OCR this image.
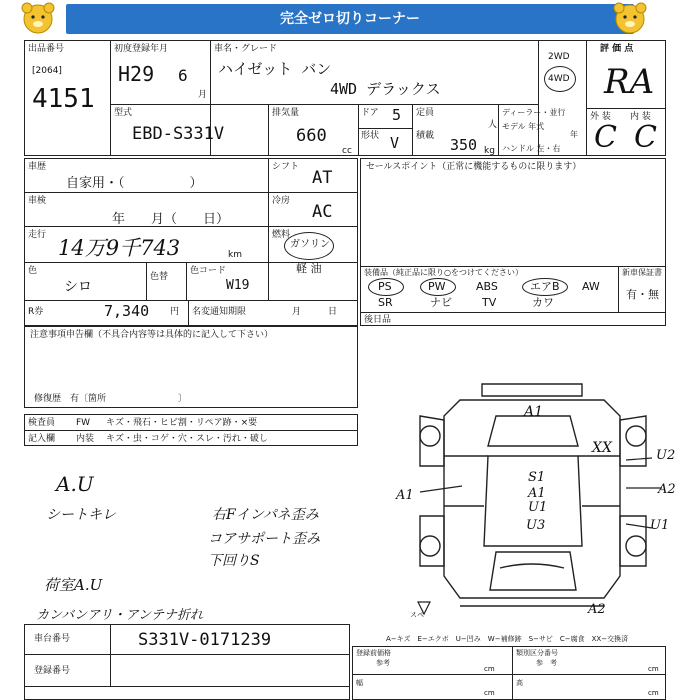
完全ゼロ切りコーナー
出品番号
[2064]
4151
初度登録年月
H29 6
月
車名・グレード
ハイゼット バン
4WD デラックス
2WD
4WD
評 価 点
RA
外 装 内 装
C C
型式
EBD-S331V
排気量
660
cc
ドア 5
形状 V
定員
人
積載 350 kg
ディーラー・並行
モデル 年式
年
ハンドル 左・右
車歴
自家用・（　　　　　）
シフト
AT
車検
年　　月（　　日）
冷房
AC
走行
14万9千743	km
燃料
ガソリン
軽 油
色
シロ
色替
色コード
W19
R券	7,340 円 名変通知期限	月　　　日
セールスポイント（正常に機能するものに限ります）
装備品（純正品に限り○をつけてください）	新車保証書
有・無
PS	PW	ABS	エアB AW
SR	ナビ	TV	カワ
後日品
注意事項申告欄（不具合内容等は具体的に記入して下さい）
修復歴　有〔箇所　　　　　　　　〕
検査員
記入欄
FW キズ・飛石・ヒビ割・リペア跡・×要
内装 キズ・虫・コゲ・穴・スレ・汚れ・破し
A.U
シートキレ	右Fインパネ歪み
コアサポート歪み
下回りS
荷室A.U
カンバンアリ・アンテナ折れ
A1
XX	U2
A2
U1
A1
S1
A1
U1
U3
A2
スペ
A−キズ　E−エクボ　U−凹み　W−補修跡　S−サビ　C−腐食　XX−交換済
車台番号	S331V-0171239
登録番号
登録前価格
参考
cm
類別区分番号
参　考
cm
幅
cm
高
cm
